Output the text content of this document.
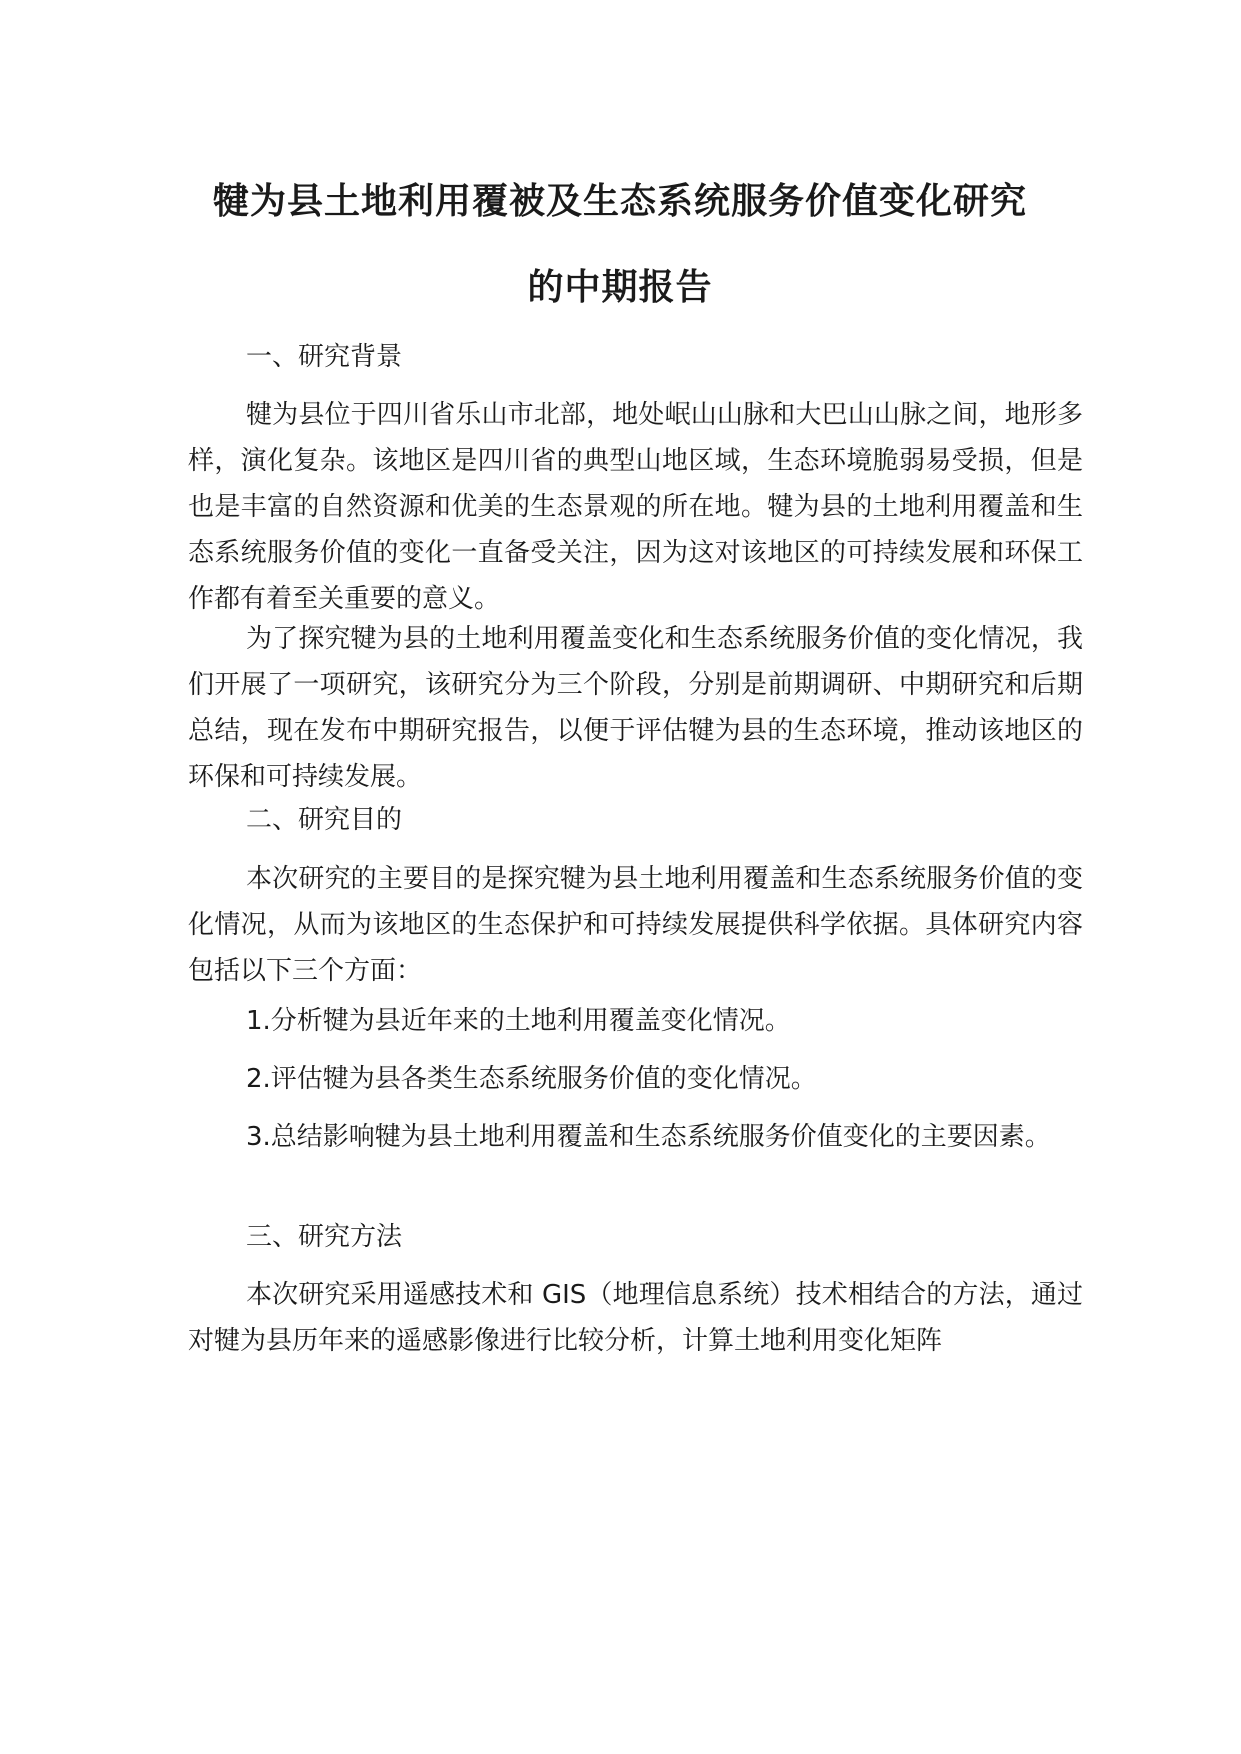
犍为县土地利用覆被及生态系统服务价值变化研究
的中期报告

一、研究背景

犍为县位于四川省乐山市北部，地处岷山山脉和大巴山山脉之间，地形多样，演化复杂。该地区是四川省的典型山地区域，生态环境脆弱易受损，但是也是丰富的自然资源和优美的生态景观的所在地。犍为县的土地利用覆盖和生态系统服务价值的变化一直备受关注，因为这对该地区的可持续发展和环保工作都有着至关重要的意义。

为了探究犍为县的土地利用覆盖变化和生态系统服务价值的变化情况，我们开展了一项研究，该研究分为三个阶段，分别是前期调研、中期研究和后期总结，现在发布中期研究报告，以便于评估犍为县的生态环境，推动该地区的环保和可持续发展。

二、研究目的

本次研究的主要目的是探究犍为县土地利用覆盖和生态系统服务价值的变化情况，从而为该地区的生态保护和可持续发展提供科学依据。具体研究内容包括以下三个方面：

1.分析犍为县近年来的土地利用覆盖变化情况。

2.评估犍为县各类生态系统服务价值的变化情况。

3.总结影响犍为县土地利用覆盖和生态系统服务价值变化的主要因素。

三、研究方法

本次研究采用遥感技术和 GIS（地理信息系统）技术相结合的方法，通过对犍为县历年来的遥感影像进行比较分析，计算土地利用变化矩阵
